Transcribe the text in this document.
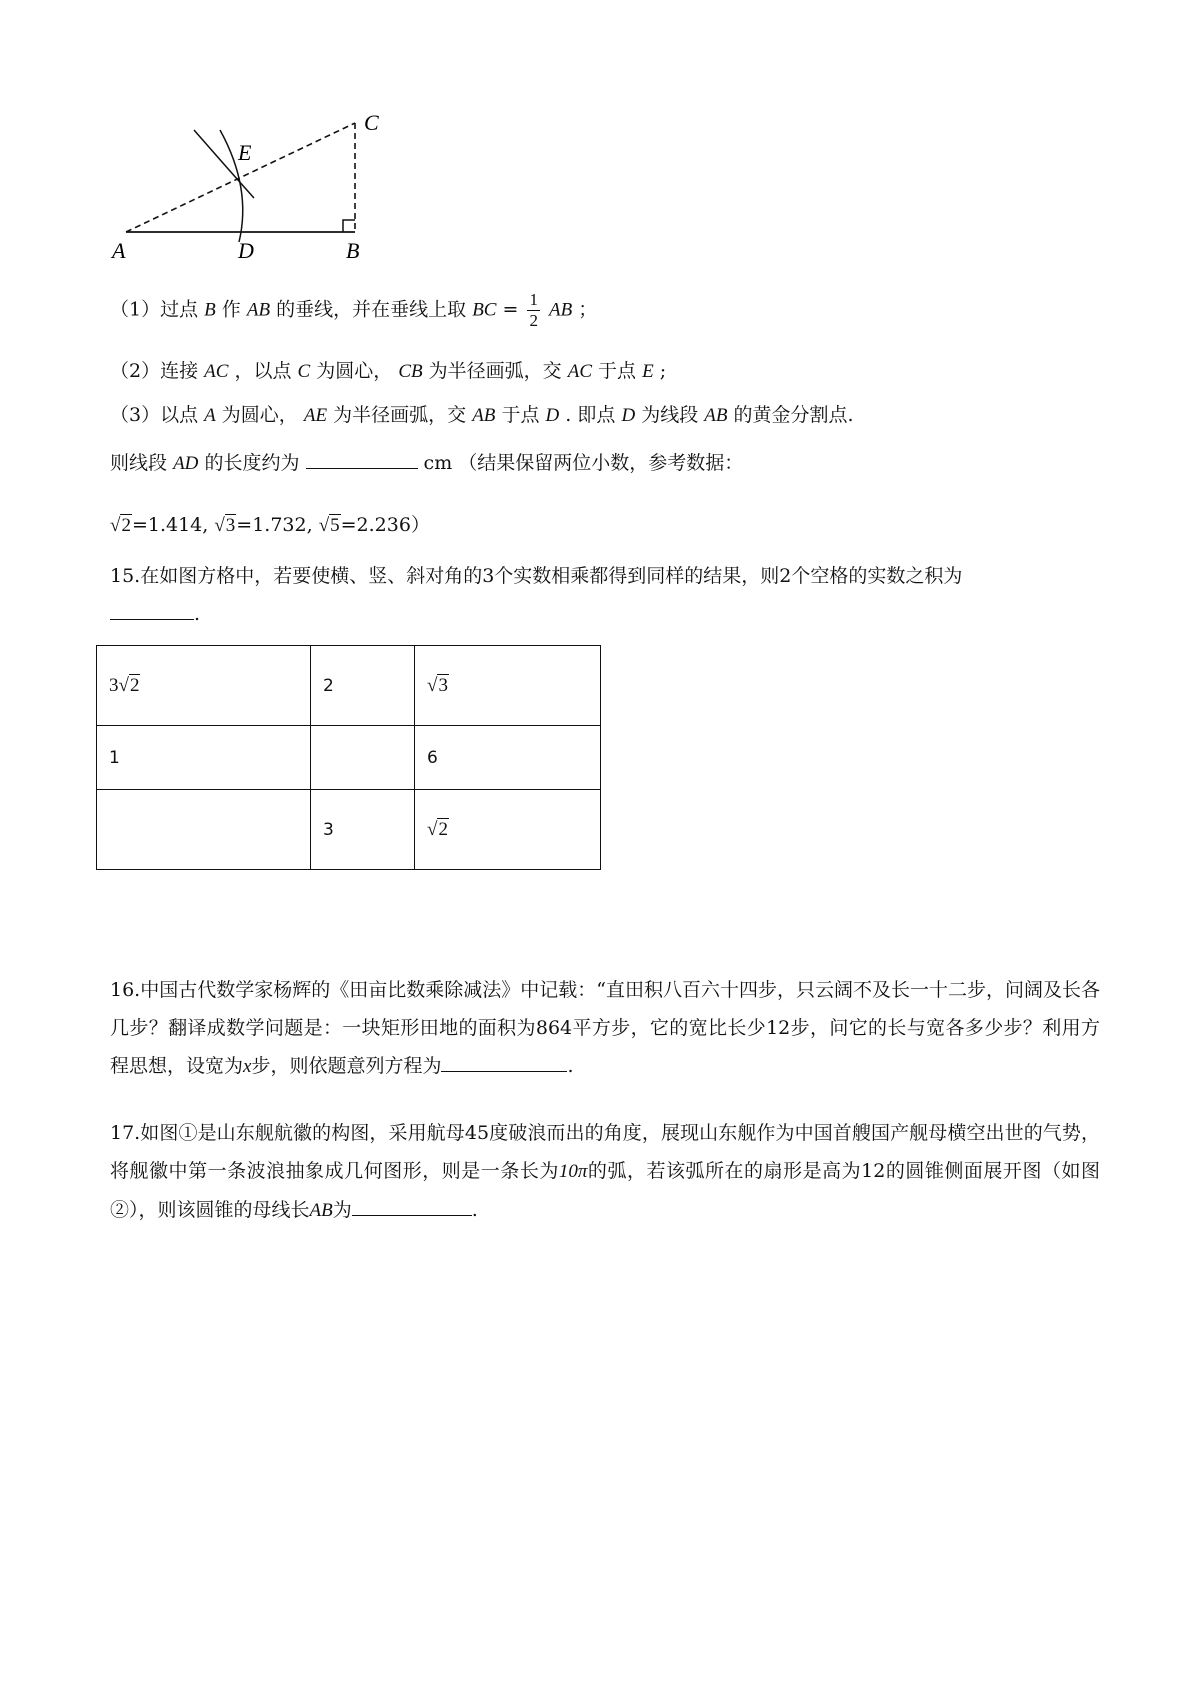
A	D	B
C
E
（1）过点 B 作 AB 的垂线，并在垂线上取 BC = $\frac{1}{2}$ AB ；
（2）连接 AC ，以点 C 为圆心， CB 为半径画弧，交 AC 于点 E ;
（3）以点 A 为圆心， AE 为半径画弧，交 AB 于点 D . 即点 D 为线段 AB 的黄金分割点.
则线段 AD 的长度约为	cm （结果保留两位小数，参考数据：
√2=1.414, √3=1.732, √5=2.236）
15.在如图方格中，若要使横、竖、斜对角的3个实数相乘都得到同样的结果，则2个空格的实数之积为
.
3√2	2	√3
1		6
	3	√2
16.中国古代数学家杨辉的《田亩比数乘除减法》中记载：“直田积八百六十四步，只云阔不及长一十二步，问阔及长各几步？翻译成数学问题是：一块矩形田地的面积为864平方步，它的宽比长少12步，问它的长与宽各多少步？利用方程思想，设宽为x步，则依题意列方程为	.
17.如图①是山东舰航徽的构图，采用航母45度破浪而出的角度，展现山东舰作为中国首艘国产舰母横空出世的气势，将舰徽中第一条波浪抽象成几何图形，则是一条长为10π的弧，若该弧所在的扇形是高为12的圆锥侧面展开图（如图②），则该圆锥的母线长AB为	.
